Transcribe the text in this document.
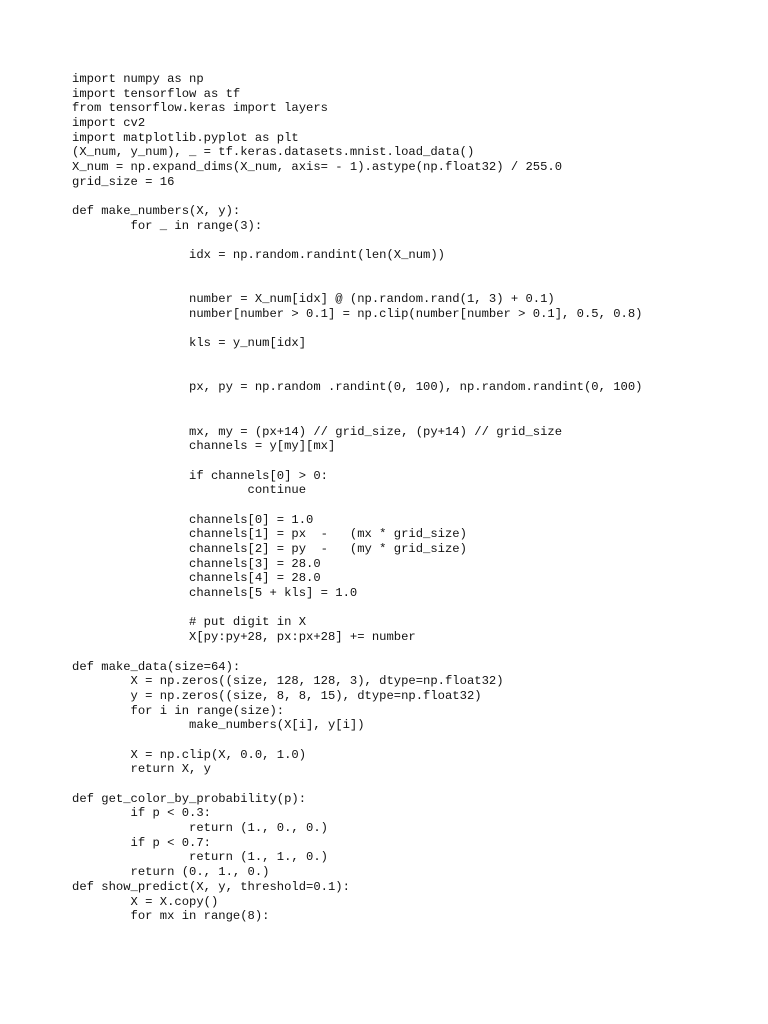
import numpy as np
import tensorflow as tf
from tensorflow.keras import layers
import cv2
import matplotlib.pyplot as plt
(X_num, y_num), _ = tf.keras.datasets.mnist.load_data()
X_num = np.expand_dims(X_num, axis= - 1).astype(np.float32) / 255.0
grid_size = 16
def make_numbers(X, y):
for _ in range(3):
idx = np.random.randint(len(X_num))
number = X_num[idx] @ (np.random.rand(1, 3) + 0.1)
number[number > 0.1] = np.clip(number[number > 0.1], 0.5, 0.8)
kls = y_num[idx]
px, py = np.random .randint(0, 100), np.random.randint(0, 100)
mx, my = (px+14) // grid_size, (py+14) // grid_size
channels = y[my][mx]
if channels[0] > 0:
continue
channels[0] = 1.0
channels[1] = px  -   (mx * grid_size)
channels[2] = py  -   (my * grid_size)
channels[3] = 28.0
channels[4] = 28.0
channels[5 + kls] = 1.0
# put digit in X
X[py:py+28, px:px+28] += number
def make_data(size=64):
X = np.zeros((size, 128, 128, 3), dtype=np.float32)
y = np.zeros((size, 8, 8, 15), dtype=np.float32)
for i in range(size):
make_numbers(X[i], y[i])
X = np.clip(X, 0.0, 1.0)
return X, y
def get_color_by_probability(p):
if p < 0.3:
return (1., 0., 0.)
if p < 0.7:
return (1., 1., 0.)
return (0., 1., 0.)
def show_predict(X, y, threshold=0.1):
X = X.copy()
for mx in range(8):
